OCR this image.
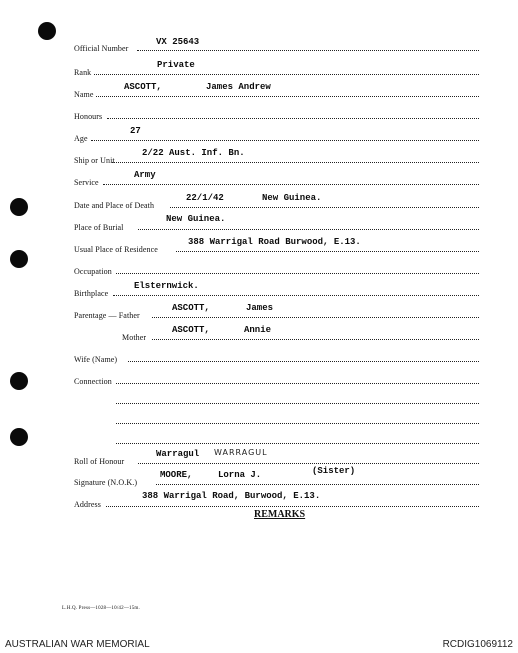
Official Number
VX 25643
Rank
Private
Name
ASCOTT,	James Andrew
Honours
Age
27
Ship or Unit
2/22 Aust. Inf. Bn.
Service
Army
Date and Place of Death
22/1/42	New Guinea.
Place of Burial
New Guinea.
Usual Place of Residence
388 Warrigal Road Burwood, E.13.
Occupation
Birthplace
Elsternwick.
Parentage — Father
ASCOTT,	James
Mother
ASCOTT,	Annie
Wife (Name)
Connection
Roll of Honour
Warragul WARRAGUL
Signature (N.O.K.)
MOORE,	Lorna J.	(Sister)
Address
388 Warrigal Road, Burwood, E.13.
REMARKS
L.H.Q. Press—1028—10/42—15m.
AUSTRALIAN WAR MEMORIAL	RCDIG1069112
